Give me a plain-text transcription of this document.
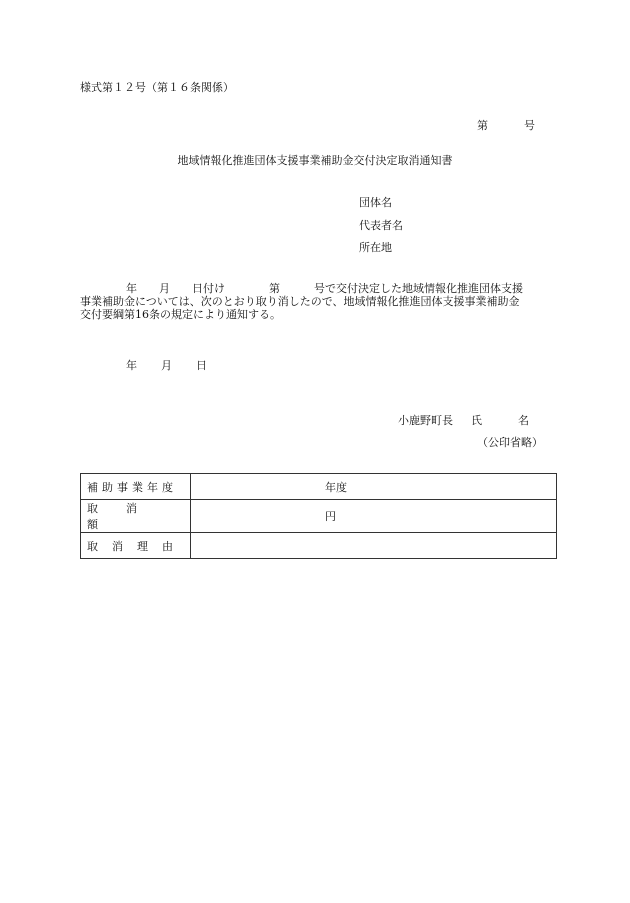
様式第１２号（第１６条関係）
第	号
地域情報化推進団体支援事業補助金交付決定取消通知書
団体名
代表者名
所在地
年 月 日付け	第	号で交付決定した地域情報化推進団体支援
事業補助金については、次のとおり取り消したので、地域情報化推進団体支援事業補助金
交付要綱第16条の規定により通知する。
年 月 日
小鹿野町長 氏	名
（公印省略）
補助事業年度	年度
取消額	円
取消理由	
